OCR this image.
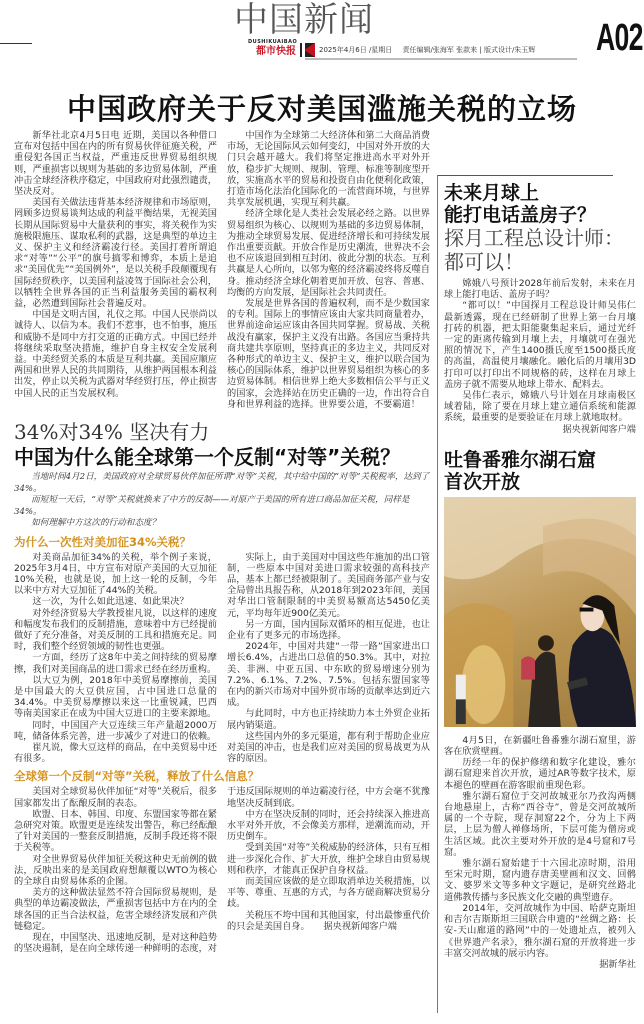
中国新闻
DUSHIKUAIBAO
都市快报	2025年4月6日 /星期日 责任编辑/张海军 张款来 | 版式设计/朱玉辉 A02
中国政府关于反对美国滥施关税的立场

新华社北京4月5日电 近期，美国以各种借口宣布对包括中国在内的所有贸易伙伴征施关税，严重侵犯各国正当权益，严重违反世界贸易组织规则，严重损害以规则为基础的多边贸易体制，严重冲击全球经济秩序稳定，中国政府对此强烈谴责，坚决反对。

美国有关做法违背基本经济规律和市场原则，罔顾多边贸易谈判达成的利益平衡结果，无视美国长期从国际贸易中大量获利的事实，将关税作为实施极限施压、谋取私利的武器，这是典型的单边主义、保护主义和经济霸凌行径。美国打着所谓追求“对等”“公平”的旗号搞零和博弈，本质上是追求“美国优先”“美国例外”，是以关税手段颠覆现有国际经贸秩序，以美国利益凌驾于国际社会公利，以牺牲全世界各国的正当利益服务美国的霸权利益，必然遭到国际社会普遍反对。

中国是文明古国，礼仪之邦。中国人民崇尚以诚待人、以信为本。我们不惹事，也不怕事，施压和威胁不是同中方打交道的正确方式。中国已经并将继续采取坚决措施，维护自身主权安全发展利益。中美经贸关系的本质是互利共赢。美国应顺应两国和世界人民的共同期待，从维护两国根本利益出发，停止以关税为武器对华经贸打压，停止损害中国人民的正当发展权利。

中国作为全球第二大经济体和第二大商品消费市场，无论国际风云如何变幻，中国对外开放的大门只会越开越大。我们将坚定推进高水平对外开放，稳步扩大规则、规制、管理、标准等制度型开放，实施高水平的贸易和投资自由化便利化政策，打造市场化法治化国际化的一流营商环境，与世界共享发展机遇，实现互利共赢。

经济全球化是人类社会发展必经之路。以世界贸易组织为核心、以规则为基础的多边贸易体制，为推动全球贸易发展、促进经济增长和可持续发展作出重要贡献。开放合作是历史潮流，世界决不会也不应该退回到相互封闭、彼此分割的状态。互利共赢是人心所向，以邻为壑的经济霸凌终将反噬自身。推动经济全球化朝着更加开放、包容、普惠、均衡的方向发展，是国际社会共同责任。

发展是世界各国的普遍权利，而不是少数国家的专利。国际上的事情应该由大家共同商量着办，世界前途命运应该由各国共同掌握。贸易战、关税战没有赢家，保护主义没有出路。各国应当秉持共商共建共享原则，坚持真正的多边主义，共同反对各种形式的单边主义、保护主义，维护以联合国为核心的国际体系，维护以世界贸易组织为核心的多边贸易体制。相信世界上绝大多数相信公平与正义的国家，会选择站在历史正确的一边，作出符合自身和世界利益的选择。世界要公道，不要霸道！

34%对34% 坚决有力
中国为什么能全球第一个反制“对等”关税？

当地时间4月2日，美国政府对全球贸易伙伴加征所谓“对等”关税，其中给中国的“对等”关税税率，达到了34%。

而短短一天后，“对等”关税就换来了中方的反制——对原产于美国的所有进口商品加征关税，同样是34%。

如何理解中方这次的行动和态度？

为什么一次性对美加征34%关税？

对美商品加征34%的关税，举个例子来说，2025年3月4日，中方宣布对原产美国的大豆加征10%关税，也就是说，加上这一轮的反制，今年以来中方对大豆加征了44%的关税。

这一次，为什么如此迅速、如此果决？

对外经济贸易大学教授崔凡说，以这样的速度和幅度发布我们的反制措施，意味着中方已经提前做好了充分准备，对美反制的工具和措施充足。同时，我们整个经贸领域的韧性也更强。

一方面，经历了这8年中美之间持续的贸易摩擦，我们对美国商品的进口需求已经在经历重构。

以大豆为例，2018年中美贸易摩擦前，美国是中国最大的大豆供应国，占中国进口总量的34.4%。中美贸易摩擦以来这一比重锐减，巴西等南美国家正在成为中国大豆进口的主要来源地。

同时，中国国产大豆连续三年产量超2000万吨，储备体系完善，进一步减少了对进口的依赖。

崔凡说，像大豆这样的商品，在中美贸易中还有很多。

实际上，由于美国对中国这些年施加的出口管制，一些原本中国对美进口需求较强的高科技产品，基本上都已经被限制了。美国商务部产业与安全局曾出具报告称，从2018年到2023年间，美国对华出口管制限制的中美贸易额高达5450亿美元，平均每年近900亿美元。

另一方面，国内国际双循环的相互促进，也让企业有了更多元的市场选择。

2024年，中国对共建“一带一路”国家进出口增长6.4%，占进出口总值的50.3%。其中，对拉美、非洲、中亚五国、中东欧的贸易增速分别为7.2%、6.1%、7.2%、7.5%。包括东盟国家等在内的新兴市场对中国外贸市场的贡献率达到近六成。

与此同时，中方也正持续助力本土外贸企业拓展内销渠道。

这些国内外的多元渠道，都有利于帮助企业应对美国的冲击，也是我们应对美国的贸易战更为从容的原因。

全球第一个反制“对等”关税，释放了什么信息？

美国对全球贸易伙伴加征“对等”关税后，很多国家都发出了酝酿反制的表态。

欧盟、日本、韩国、印度、东盟国家等都在紧急研究对策。欧盟更是连续发出警告，称已经酝酿了针对美国的一整套反制措施，反制手段还将不限于关税等。

对全世界贸易伙伴加征关税这种史无前例的做法，反映出来的是美国政府想颠覆以WTO为核心的全球自由贸易体系的企图。

美方的这种做法显然不符合国际贸易规则，是典型的单边霸凌做法，严重损害包括中方在内的全球各国的正当合法权益，危害全球经济发展和产供链稳定。

现在，中国坚决、迅速地反制，是对这种趋势的坚决遏制，是在向全球传递一种鲜明的态度，对于违反国际规则的单边霸凌行径，中方会毫不犹豫地坚决反制到底。

中方在坚决反制的同时，还会持续深入推进高水平对外开放，不会像美方那样，逆潮流而动，开历史倒车。

受到美国“对等”关税威胁的经济体，只有互相进一步深化合作、扩大开放，维护全球自由贸易规则和秩序，才能真正保护自身权益。

而美国应该做的是立即取消单边关税措施，以平等、尊重、互惠的方式，与各方磋商解决贸易分歧。

关税压不垮中国和其他国家，付出最惨重代价的只会是美国自身。　　据央视新闻客户端

未来月球上
能打电话盖房子？
探月工程总设计师：
都可以！

嫦娥八号预计2028年前后发射，未来在月球上能打电话、盖房子吗？

“都可以！”中国探月工程总设计师吴伟仁最新透露，现在已经研制了世界上第一台月壤打砖的机器，把太阳能聚集起来后，通过光纤一定的距离传输到月壤上去，月壤就可在强光照的情况下，产生1400摄氏度至1500摄氏度的高温，高温使月壤融化。融化后的月壤用3D打印可以打印出不同规格的砖，这样在月球上盖房子就不需要从地球上带水、配料去。

吴伟仁表示，嫦娥八号计划在月球南极区域着陆，除了要在月球上建立通信系统和能源系统，最重要的是要验证在月球上就地取材。

据央视新闻客户端

吐鲁番雅尔湖石窟
首次开放

4月5日，在新疆吐鲁番雅尔湖石窟里，游客在欣赏壁画。

历经一年的保护修缮和数字化建设，雅尔湖石窟迎来首次开放，通过AR等数字技术，原本褪色的壁画在游客眼前重现色彩。

雅尔湖石窟位于交河故城亚尔乃孜沟两侧台地悬崖上，古称“西谷寺”，曾是交河故城所属的一个寺院，现存洞窟22个，分为上下两层，上层为僧人禅修场所，下层可能为僧房或生活区域。此次主要对外开放的是4号窟和7号窟。

雅尔湖石窟始建于十六国北凉时期，沿用至宋元时期，窟内遗存唐美壁画和汉文、回鹘文、婆罗米文等多种文字题记，是研究丝路北道佛教传播与多民族文化交融的典型遗存。

2014年，交河故城作为中国、哈萨克斯坦和吉尔吉斯斯坦三国联合申遗的“丝绸之路：长安-天山廊道的路网”中的一处遗址点，被列入《世界遗产名录》，雅尔湖石窟的开放将进一步丰富交河故城的展示内容。

据新华社
